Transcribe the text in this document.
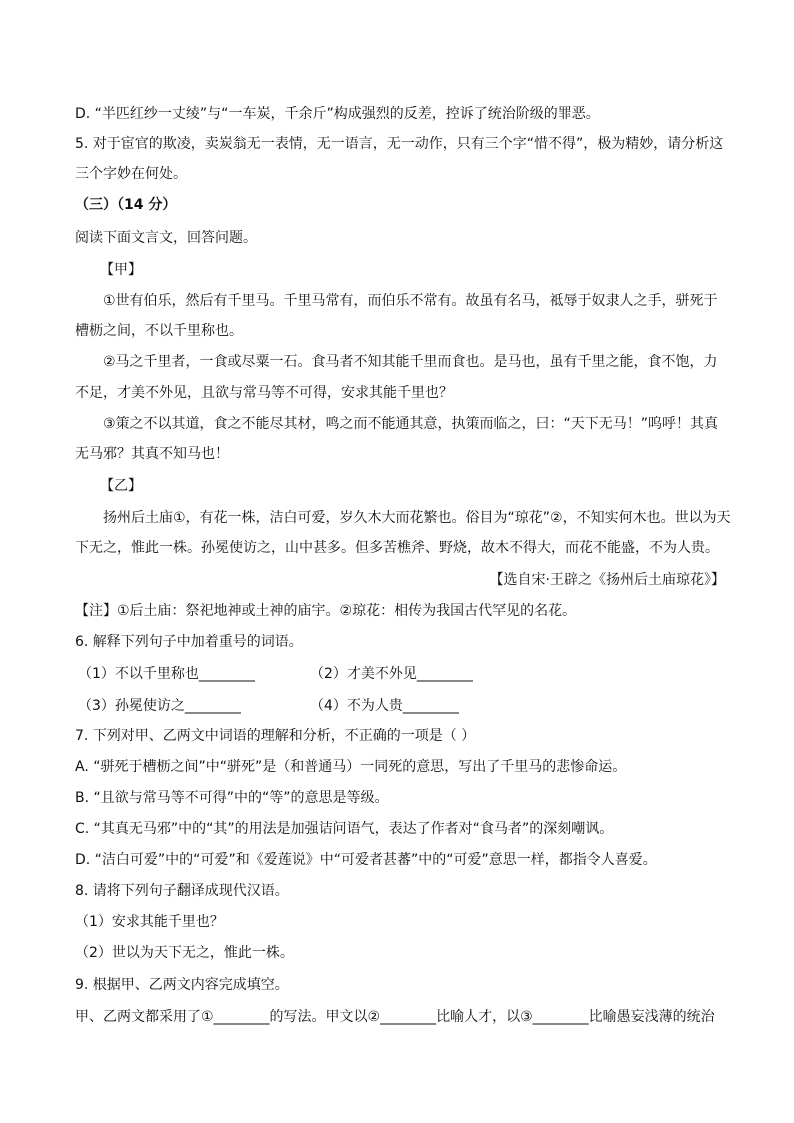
D. “半匹红纱一丈绫”与“一车炭，千余斤”构成强烈的反差，控诉了统治阶级的罪恶。
5. 对于宦官的欺凌，卖炭翁无一表情，无一语言，无一动作，只有三个字“惜不得”，极为精妙，请分析这
三个字妙在何处。
（三）（14 分）
阅读下面文言文，回答问题。
【甲】
①世有伯乐，然后有千里马。千里马常有，而伯乐不常有。故虽有名马，祗辱于奴隶人之手，骈死于
槽枥之间，不以千里称也。
②马之千里者，一食或尽粟一石。食马者不知其能千里而食也。是马也，虽有千里之能，食不饱，力
不足，才美不外见，且欲与常马等不可得，安求其能千里也？
③策之不以其道，食之不能尽其材，鸣之而不能通其意，执策而临之，曰：“天下无马！”呜呼！其真
无马邪？其真不知马也！
【乙】
扬州后土庙①，有花一株，洁白可爱，岁久木大而花繁也。俗目为“琼花”②，不知实何木也。世以为天
下无之，惟此一株。孙冕使访之，山中甚多。但多苦樵斧、野烧，故木不得大，而花不能盛，不为人贵。
【选自宋·王辟之《扬州后土庙琼花》】
【注】①后土庙：祭祀地神或土神的庙宇。②琼花：相传为我国古代罕见的名花。
6. 解释下列句子中加着重号的词语。
（1）不以千里称也________	（2）才美不外见________
（3）孙冕使访之________	（4）不为人贵________
7. 下列对甲、乙两文中词语的理解和分析，不正确的一项是（ ）
A. “骈死于槽枥之间”中“骈死”是（和普通马）一同死的意思，写出了千里马的悲惨命运。
B. “且欲与常马等不可得”中的“等”的意思是等级。
C. “其真无马邪”中的“其”的用法是加强诘问语气，表达了作者对“食马者”的深刻嘲讽。
D. “洁白可爱”中的“可爱”和《爱莲说》中“可爱者甚蕃”中的“可爱”意思一样，都指令人喜爱。
8. 请将下列句子翻译成现代汉语。
（1）安求其能千里也？
（2）世以为天下无之，惟此一株。
9. 根据甲、乙两文内容完成填空。
甲、乙两文都采用了①________的写法。甲文以②________比喻人才，以③________比喻愚妄浅薄的统治
